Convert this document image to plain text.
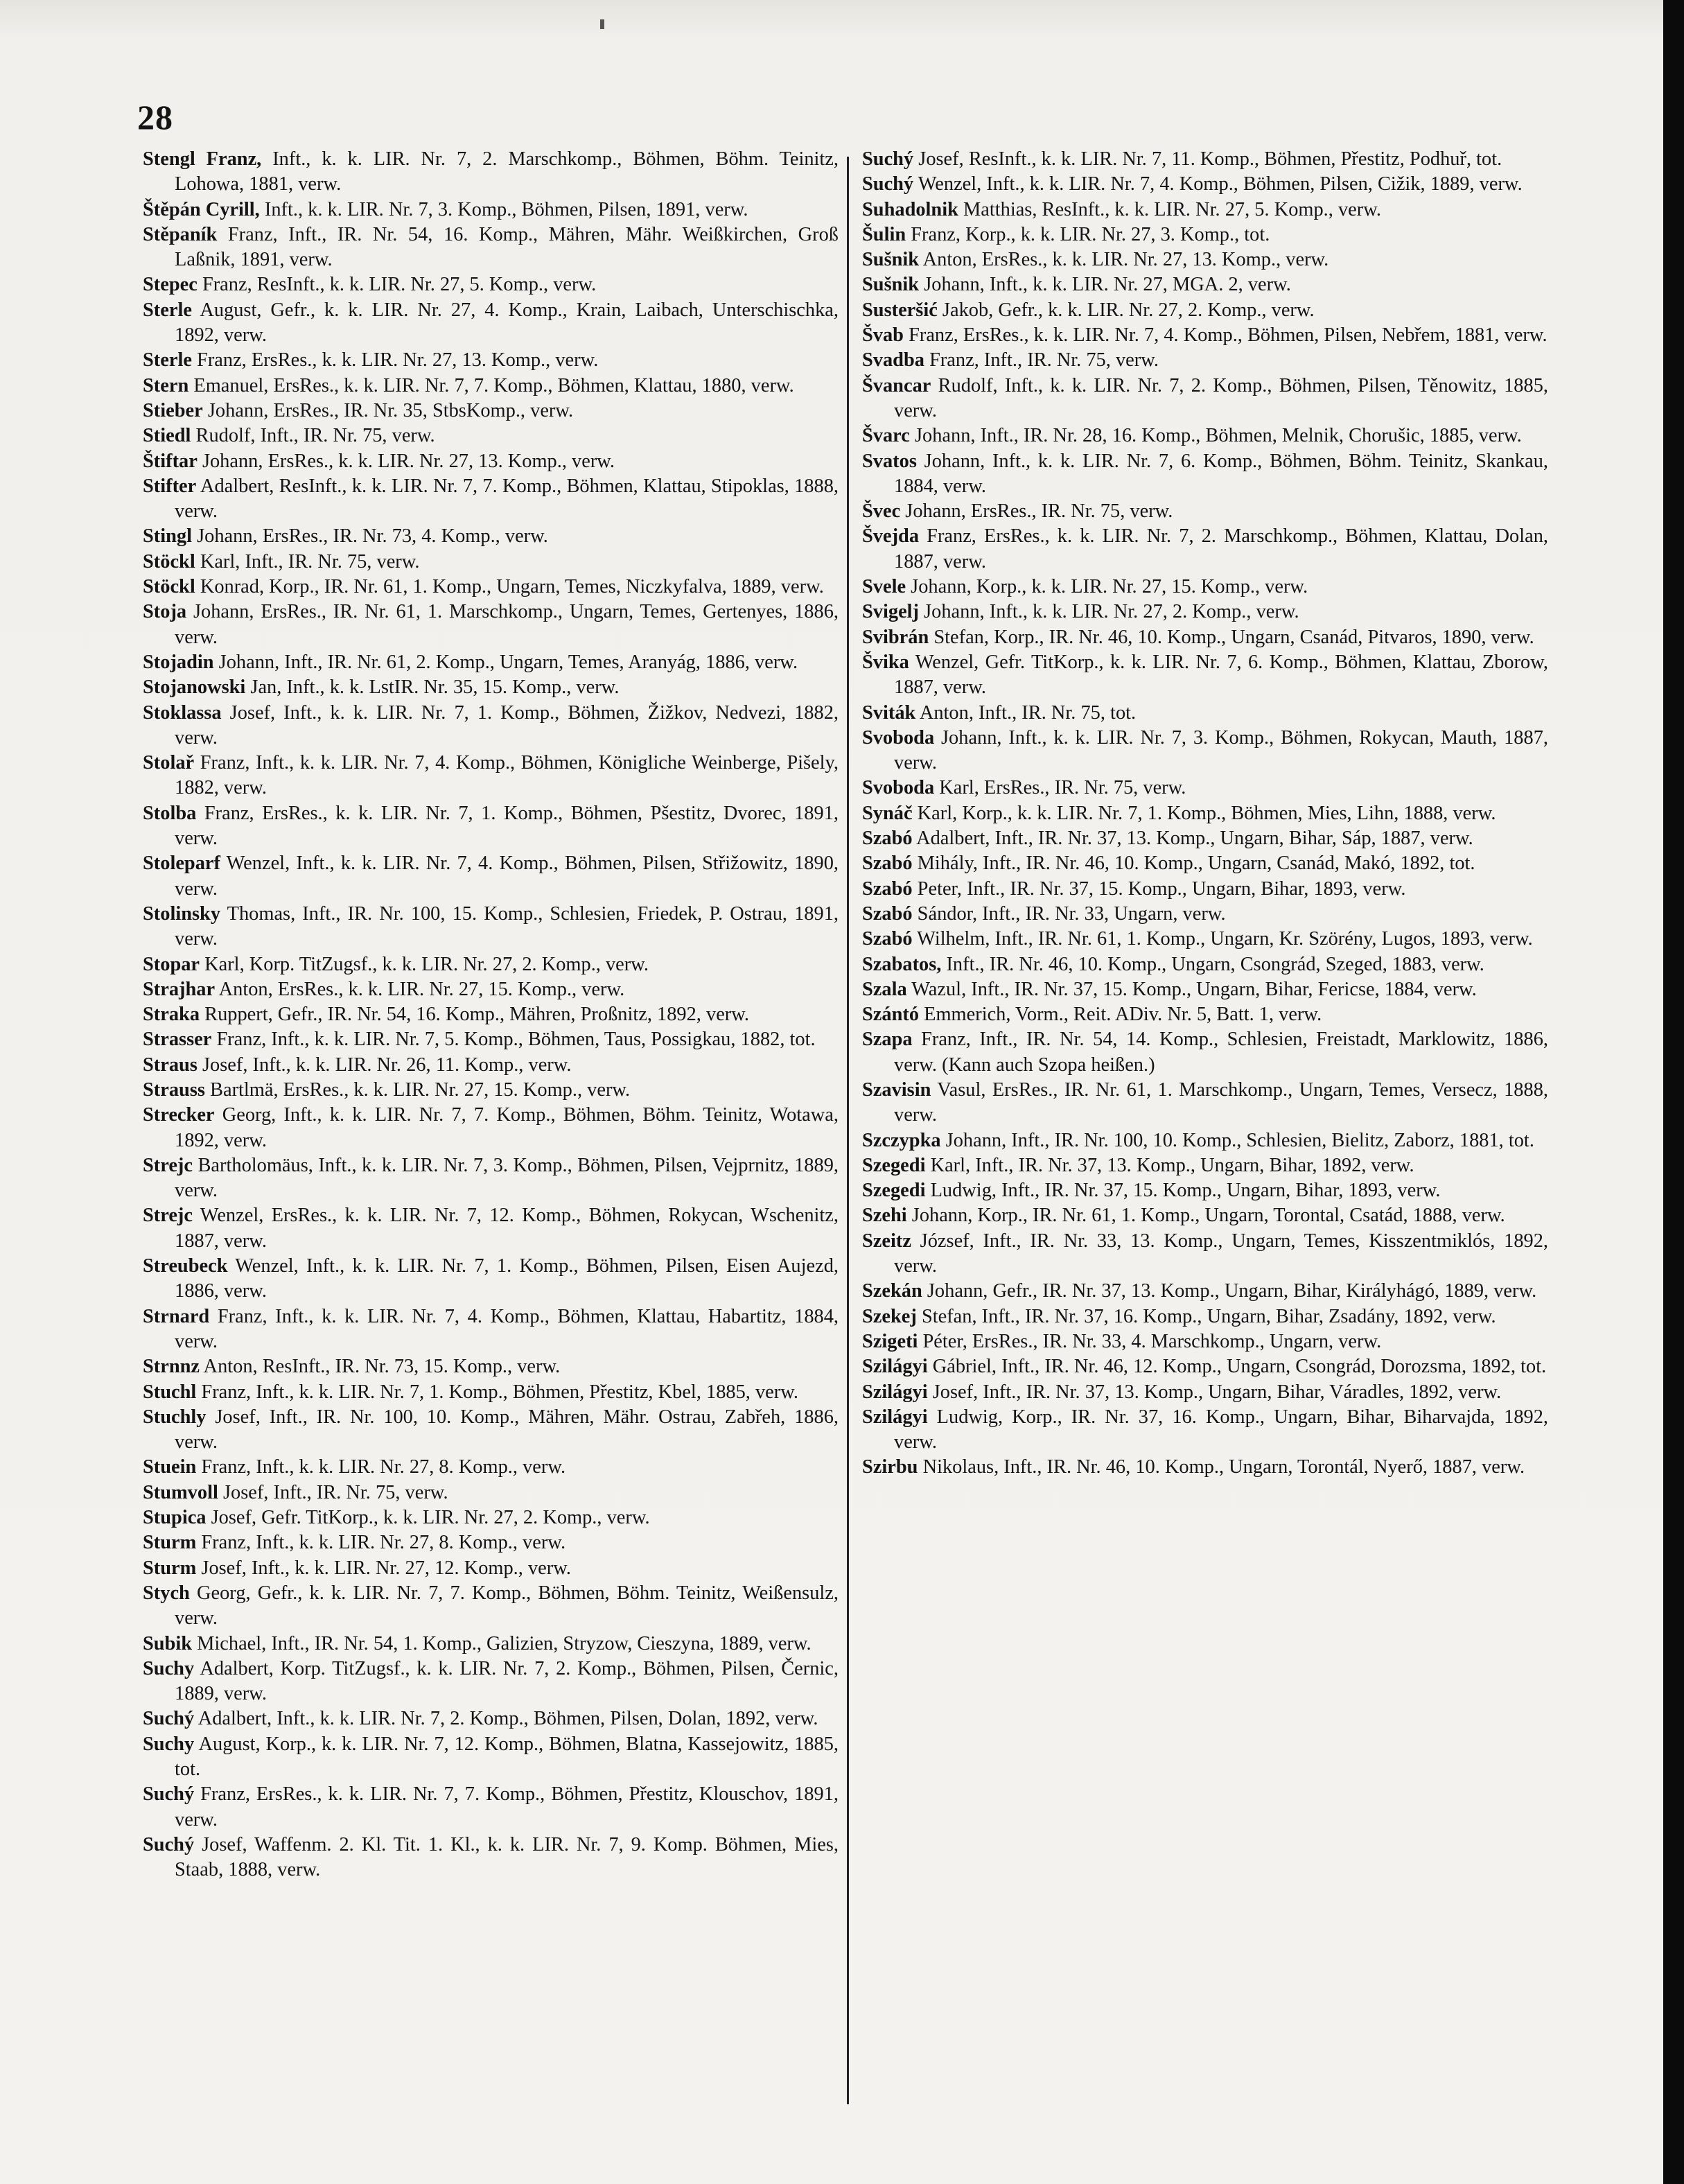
28

Stengl Franz, Inft., k. k. LIR. Nr. 7, 2. Marschkomp., Böhmen, Böhm. Teinitz, Lohowa, 1881, verw.

Štěpán Cyrill, Inft., k. k. LIR. Nr. 7, 3. Komp., Böhmen, Pilsen, 1891, verw.

Stěpaník Franz, Inft., IR. Nr. 54, 16. Komp., Mähren, Mähr. Weißkirchen, Groß Laßnik, 1891, verw.

Stepec Franz, ResInft., k. k. LIR. Nr. 27, 5. Komp., verw.

Sterle August, Gefr., k. k. LIR. Nr. 27, 4. Komp., Krain, Laibach, Unterschischka, 1892, verw.

Sterle Franz, ErsRes., k. k. LIR. Nr. 27, 13. Komp., verw.

Stern Emanuel, ErsRes., k. k. LIR. Nr. 7, 7. Komp., Böhmen, Klattau, 1880, verw.

Stieber Johann, ErsRes., IR. Nr. 35, StbsKomp., verw.

Stiedl Rudolf, Inft., IR. Nr. 75, verw.

Štiftar Johann, ErsRes., k. k. LIR. Nr. 27, 13. Komp., verw.

Stifter Adalbert, ResInft., k. k. LIR. Nr. 7, 7. Komp., Böhmen, Klattau, Stipoklas, 1888, verw.

Stingl Johann, ErsRes., IR. Nr. 73, 4. Komp., verw.

Stöckl Karl, Inft., IR. Nr. 75, verw.

Stöckl Konrad, Korp., IR. Nr. 61, 1. Komp., Ungarn, Temes, Niczkyfalva, 1889, verw.

Stoja Johann, ErsRes., IR. Nr. 61, 1. Marschkomp., Ungarn, Temes, Gertenyes, 1886, verw.

Stojadin Johann, Inft., IR. Nr. 61, 2. Komp., Ungarn, Temes, Aranyág, 1886, verw.

Stojanowski Jan, Inft., k. k. LstIR. Nr. 35, 15. Komp., verw.

Stoklassa Josef, Inft., k. k. LIR. Nr. 7, 1. Komp., Böhmen, Žižkov, Nedvezi, 1882, verw.

Stolař Franz, Inft., k. k. LIR. Nr. 7, 4. Komp., Böhmen, Königliche Weinberge, Pišely, 1882, verw.

Stolba Franz, ErsRes., k. k. LIR. Nr. 7, 1. Komp., Böhmen, Pšestitz, Dvorec, 1891, verw.

Stoleparf Wenzel, Inft., k. k. LIR. Nr. 7, 4. Komp., Böhmen, Pilsen, Střižowitz, 1890, verw.

Stolinsky Thomas, Inft., IR. Nr. 100, 15. Komp., Schlesien, Friedek, P. Ostrau, 1891, verw.

Stopar Karl, Korp. TitZugsf., k. k. LIR. Nr. 27, 2. Komp., verw.

Strajhar Anton, ErsRes., k. k. LIR. Nr. 27, 15. Komp., verw.

Straka Ruppert, Gefr., IR. Nr. 54, 16. Komp., Mähren, Proßnitz, 1892, verw.

Strasser Franz, Inft., k. k. LIR. Nr. 7, 5. Komp., Böhmen, Taus, Possigkau, 1882, tot.

Straus Josef, Inft., k. k. LIR. Nr. 26, 11. Komp., verw.

Strauss Bartlmä, ErsRes., k. k. LIR. Nr. 27, 15. Komp., verw.

Strecker Georg, Inft., k. k. LIR. Nr. 7, 7. Komp., Böhmen, Böhm. Teinitz, Wotawa, 1892, verw.

Strejc Bartholomäus, Inft., k. k. LIR. Nr. 7, 3. Komp., Böhmen, Pilsen, Vejprnitz, 1889, verw.

Strejc Wenzel, ErsRes., k. k. LIR. Nr. 7, 12. Komp., Böhmen, Rokycan, Wschenitz, 1887, verw.

Streubeck Wenzel, Inft., k. k. LIR. Nr. 7, 1. Komp., Böhmen, Pilsen, Eisen Aujezd, 1886, verw.

Strnard Franz, Inft., k. k. LIR. Nr. 7, 4. Komp., Böhmen, Klattau, Habartitz, 1884, verw.

Strnnz Anton, ResInft., IR. Nr. 73, 15. Komp., verw.

Stuchl Franz, Inft., k. k. LIR. Nr. 7, 1. Komp., Böhmen, Přestitz, Kbel, 1885, verw.

Stuchly Josef, Inft., IR. Nr. 100, 10. Komp., Mähren, Mähr. Ostrau, Zabřeh, 1886, verw.

Stuein Franz, Inft., k. k. LIR. Nr. 27, 8. Komp., verw.

Stumvoll Josef, Inft., IR. Nr. 75, verw.

Stupica Josef, Gefr. TitKorp., k. k. LIR. Nr. 27, 2. Komp., verw.

Sturm Franz, Inft., k. k. LIR. Nr. 27, 8. Komp., verw.

Sturm Josef, Inft., k. k. LIR. Nr. 27, 12. Komp., verw.

Stych Georg, Gefr., k. k. LIR. Nr. 7, 7. Komp., Böhmen, Böhm. Teinitz, Weißensulz, verw.

Subik Michael, Inft., IR. Nr. 54, 1. Komp., Galizien, Stryzow, Cieszyna, 1889, verw.

Suchy Adalbert, Korp. TitZugsf., k. k. LIR. Nr. 7, 2. Komp., Böhmen, Pilsen, Černic, 1889, verw.

Suchý Adalbert, Inft., k. k. LIR. Nr. 7, 2. Komp., Böhmen, Pilsen, Dolan, 1892, verw.

Suchy August, Korp., k. k. LIR. Nr. 7, 12. Komp., Böhmen, Blatna, Kassejowitz, 1885, tot.

Suchý Franz, ErsRes., k. k. LIR. Nr. 7, 7. Komp., Böhmen, Přestitz, Klouschov, 1891, verw.

Suchý Josef, Waffenm. 2. Kl. Tit. 1. Kl., k. k. LIR. Nr. 7, 9. Komp. Böhmen, Mies, Staab, 1888, verw.

Suchý Josef, ResInft., k. k. LIR. Nr. 7, 11. Komp., Böhmen, Přestitz, Podhuř, tot.

Suchý Wenzel, Inft., k. k. LIR. Nr. 7, 4. Komp., Böhmen, Pilsen, Cižik, 1889, verw.

Suhadolnik Matthias, ResInft., k. k. LIR. Nr. 27, 5. Komp., verw.

Šulin Franz, Korp., k. k. LIR. Nr. 27, 3. Komp., tot.

Sušnik Anton, ErsRes., k. k. LIR. Nr. 27, 13. Komp., verw.

Sušnik Johann, Inft., k. k. LIR. Nr. 27, MGA. 2, verw.

Susteršić Jakob, Gefr., k. k. LIR. Nr. 27, 2. Komp., verw.

Švab Franz, ErsRes., k. k. LIR. Nr. 7, 4. Komp., Böhmen, Pilsen, Nebřem, 1881, verw.

Svadba Franz, Inft., IR. Nr. 75, verw.

Švancar Rudolf, Inft., k. k. LIR. Nr. 7, 2. Komp., Böhmen, Pilsen, Těnowitz, 1885, verw.

Švarc Johann, Inft., IR. Nr. 28, 16. Komp., Böhmen, Melnik, Chorušic, 1885, verw.

Svatos Johann, Inft., k. k. LIR. Nr. 7, 6. Komp., Böhmen, Böhm. Teinitz, Skankau, 1884, verw.

Švec Johann, ErsRes., IR. Nr. 75, verw.

Švejda Franz, ErsRes., k. k. LIR. Nr. 7, 2. Marschkomp., Böhmen, Klattau, Dolan, 1887, verw.

Svele Johann, Korp., k. k. LIR. Nr. 27, 15. Komp., verw.

Svigelj Johann, Inft., k. k. LIR. Nr. 27, 2. Komp., verw.

Svibrán Stefan, Korp., IR. Nr. 46, 10. Komp., Ungarn, Csanád, Pitvaros, 1890, verw.

Švika Wenzel, Gefr. TitKorp., k. k. LIR. Nr. 7, 6. Komp., Böhmen, Klattau, Zborow, 1887, verw.

Sviták Anton, Inft., IR. Nr. 75, tot.

Svoboda Johann, Inft., k. k. LIR. Nr. 7, 3. Komp., Böhmen, Rokycan, Mauth, 1887, verw.

Svoboda Karl, ErsRes., IR. Nr. 75, verw.

Synáč Karl, Korp., k. k. LIR. Nr. 7, 1. Komp., Böhmen, Mies, Lihn, 1888, verw.

Szabó Adalbert, Inft., IR. Nr. 37, 13. Komp., Ungarn, Bihar, Sáp, 1887, verw.

Szabó Mihály, Inft., IR. Nr. 46, 10. Komp., Ungarn, Csanád, Makó, 1892, tot.

Szabó Peter, Inft., IR. Nr. 37, 15. Komp., Ungarn, Bihar, 1893, verw.

Szabó Sándor, Inft., IR. Nr. 33, Ungarn, verw.

Szabó Wilhelm, Inft., IR. Nr. 61, 1. Komp., Ungarn, Kr. Szörény, Lugos, 1893, verw.

Szabatos, Inft., IR. Nr. 46, 10. Komp., Ungarn, Csongrád, Szeged, 1883, verw.

Szala Wazul, Inft., IR. Nr. 37, 15. Komp., Ungarn, Bihar, Fericse, 1884, verw.

Szántó Emmerich, Vorm., Reit. ADiv. Nr. 5, Batt. 1, verw.

Szapa Franz, Inft., IR. Nr. 54, 14. Komp., Schlesien, Freistadt, Marklowitz, 1886, verw. (Kann auch Szopa heißen.)

Szavisin Vasul, ErsRes., IR. Nr. 61, 1. Marschkomp., Ungarn, Temes, Versecz, 1888, verw.

Szczypka Johann, Inft., IR. Nr. 100, 10. Komp., Schlesien, Bielitz, Zaborz, 1881, tot.

Szegedi Karl, Inft., IR. Nr. 37, 13. Komp., Ungarn, Bihar, 1892, verw.

Szegedi Ludwig, Inft., IR. Nr. 37, 15. Komp., Ungarn, Bihar, 1893, verw.

Szehi Johann, Korp., IR. Nr. 61, 1. Komp., Ungarn, Torontal, Csatád, 1888, verw.

Szeitz József, Inft., IR. Nr. 33, 13. Komp., Ungarn, Temes, Kisszentmiklós, 1892, verw.

Szekán Johann, Gefr., IR. Nr. 37, 13. Komp., Ungarn, Bihar, Királyhágó, 1889, verw.

Szekej Stefan, Inft., IR. Nr. 37, 16. Komp., Ungarn, Bihar, Zsadány, 1892, verw.

Szigeti Péter, ErsRes., IR. Nr. 33, 4. Marschkomp., Ungarn, verw.

Szilágyi Gábriel, Inft., IR. Nr. 46, 12. Komp., Ungarn, Csongrád, Dorozsma, 1892, tot.

Szilágyi Josef, Inft., IR. Nr. 37, 13. Komp., Ungarn, Bihar, Váradles, 1892, verw.

Szilágyi Ludwig, Korp., IR. Nr. 37, 16. Komp., Ungarn, Bihar, Biharvajda, 1892, verw.

Szirbu Nikolaus, Inft., IR. Nr. 46, 10. Komp., Ungarn, Torontál, Nyerő, 1887, verw.
